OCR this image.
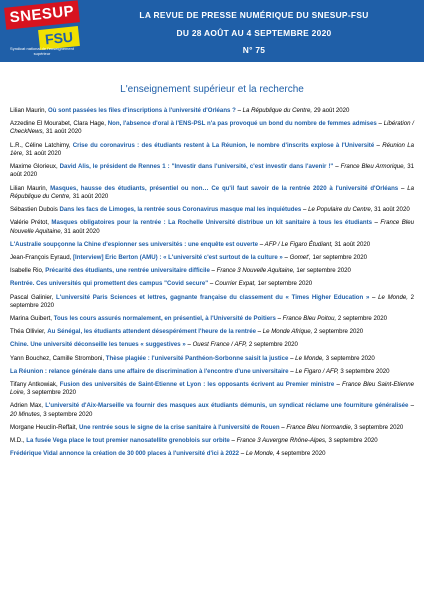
SNESUP
FSU
Syndicat national de l'enseignement supérieur
LA REVUE DE PRESSE NUMÉRIQUE DU SNESUP-FSU
DU 28 AOÛT AU 4 SEPTEMBRE 2020
N° 75
L'enseignement supérieur et la recherche

Lilian Maurin, Où sont passées les files d'inscriptions à l'université d'Orléans ? – La République du Centre, 29 août 2020

Azzedine El Mourabet, Clara Hage, Non, l'absence d'oral à l'ENS-PSL n'a pas provoqué un bond du nombre de femmes admises – Libération / CheckNews, 31 août 2020

L.R., Céline Latchimy, Crise du coronavirus : des étudiants restent à La Réunion, le nombre d'inscrits explose à l'Université – Réunion La 1ère, 31 août 2020

Maxime Glorieux, David Alis, le président de Rennes 1 : "Investir dans l'université, c'est investir dans l'avenir !" – France Bleu Armorique, 31 août 2020

Lilian Maurin, Masques, hausse des étudiants, présentiel ou non… Ce qu'il faut savoir de la rentrée 2020 à l'université d'Orléans – La République du Centre, 31 août 2020

Sébastien Dubois Dans les facs de Limoges, la rentrée sous Coronavirus masque mal les inquiétudes – Le Populaire du Centre, 31 août 2020

Valérie Prétot, Masques obligatoires pour la rentrée : La Rochelle Université distribue un kit sanitaire à tous les étudiants – France Bleu Nouvelle Aquitaine, 31 août 2020

L'Australie soupçonne la Chine d'espionner ses universités : une enquête est ouverte – AFP / Le Figaro Étudiant, 31 août 2020

Jean-François Eyraud, [Interview] Eric Berton (AMU) : « L'université c'est surtout de la culture » – Gomet', 1er septembre 2020

Isabelle Rio, Précarité des étudiants, une rentrée universitaire difficile – France 3 Nouvelle Aquitaine, 1er septembre 2020

Rentrée. Ces universités qui promettent des campus "Covid secure" – Courrier Expat, 1er septembre 2020

Pascal Galinier, L'université Paris Sciences et lettres, gagnante française du classement du « Times Higher Education » – Le Monde, 2 septembre 2020

Marina Guibert, Tous les cours assurés normalement, en présentiel, à l'Université de Poitiers – France Bleu Poitou, 2 septembre 2020

Théa Ollivier, Au Sénégal, les étudiants attendent désespérément l'heure de la rentrée – Le Monde Afrique, 2 septembre 2020

Chine. Une université déconseille les tenues « suggestives » – Ouest France / AFP, 2 septembre 2020

Yann Bouchez, Camille Stromboni, Thèse plagiée : l'université Panthéon-Sorbonne saisit la justice – Le Monde, 3 septembre 2020

La Réunion : relance générale dans une affaire de discrimination à l'encontre d'une universitaire – Le Figaro / AFP, 3 septembre 2020

Tifany Antkowiak, Fusion des universités de Saint-Etienne et Lyon : les opposants écrivent au Premier ministre – France Bleu Saint-Etienne Loire, 3 septembre 2020

Adrien Max, L'université d'Aix-Marseille va fournir des masques aux étudiants démunis, un syndicat réclame une fourniture généralisée – 20 Minutes, 3 septembre 2020

Morgane Heuclin-Reffait, Une rentrée sous le signe de la crise sanitaire à l'université de Rouen – France Bleu Normandie, 3 septembre 2020

M.D., La fusée Vega place le tout premier nanosatellite grenoblois sur orbite – France 3 Auvergne Rhône-Alpes, 3 septembre 2020

Frédérique Vidal annonce la création de 30 000 places à l'université d'ici à 2022 – Le Monde, 4 septembre 2020
